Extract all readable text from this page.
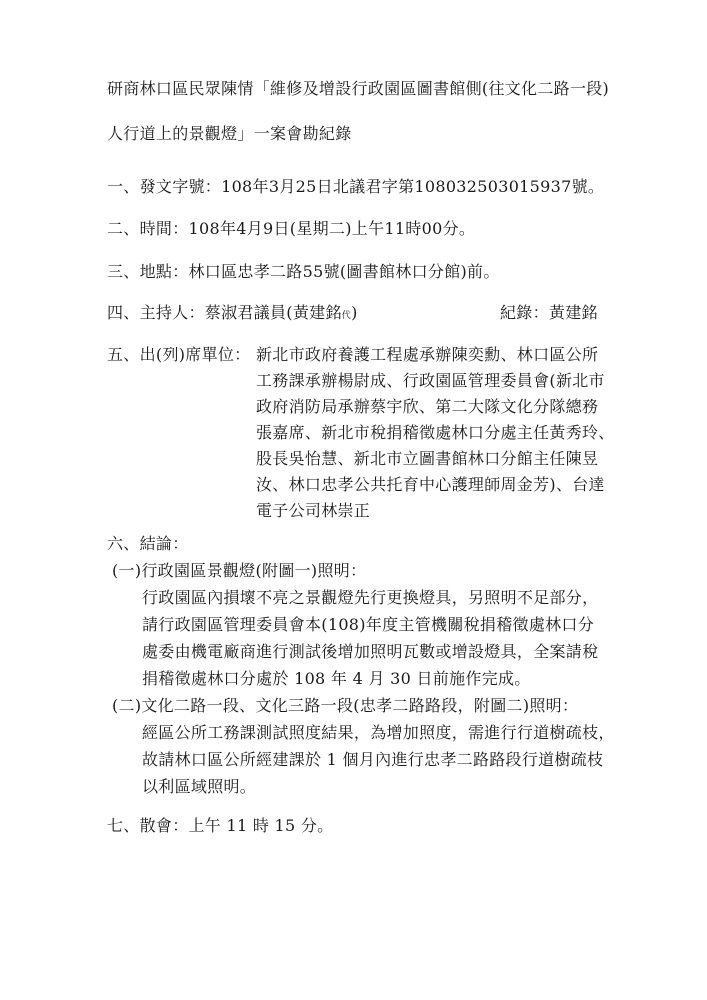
研商林口區民眾陳情「維修及增設行政園區圖書館側(往文化二路一段)
人行道上的景觀燈」一案會勘紀錄
一、發文字號：108年3月25日北議君字第108032503015937號。
二、時間：108年4月9日(星期二)上午11時00分。
三、地點：林口區忠孝二路55號(圖書館林口分館)前。
四、主持人：蔡淑君議員(黃建銘代)	紀錄：黃建銘
五、出(列)席單位： 新北市政府養護工程處承辦陳奕勳、林口區公所
工務課承辦楊尉成、行政園區管理委員會(新北市
政府消防局承辦蔡宇欣、第二大隊文化分隊總務
張嘉席、新北市稅捐稽徵處林口分處主任黃秀玲、
股長吳怡慧、新北市立圖書館林口分館主任陳昱
汝、林口忠孝公共托育中心護理師周金芳)、台達
電子公司林崇正
六、結論：
(一)行政園區景觀燈(附圖一)照明：
行政園區內損壞不亮之景觀燈先行更換燈具，另照明不足部分，
請行政園區管理委員會本(108)年度主管機關稅捐稽徵處林口分
處委由機電廠商進行測試後增加照明瓦數或增設燈具，全案請稅
捐稽徵處林口分處於 108 年 4 月 30 日前施作完成。
(二)文化二路一段、文化三路一段(忠孝二路路段，附圖二)照明：
經區公所工務課測試照度結果，為增加照度，需進行行道樹疏枝，
故請林口區公所經建課於 1 個月內進行忠孝二路路段行道樹疏枝
以利區域照明。
七、散會：上午 11 時 15 分。
